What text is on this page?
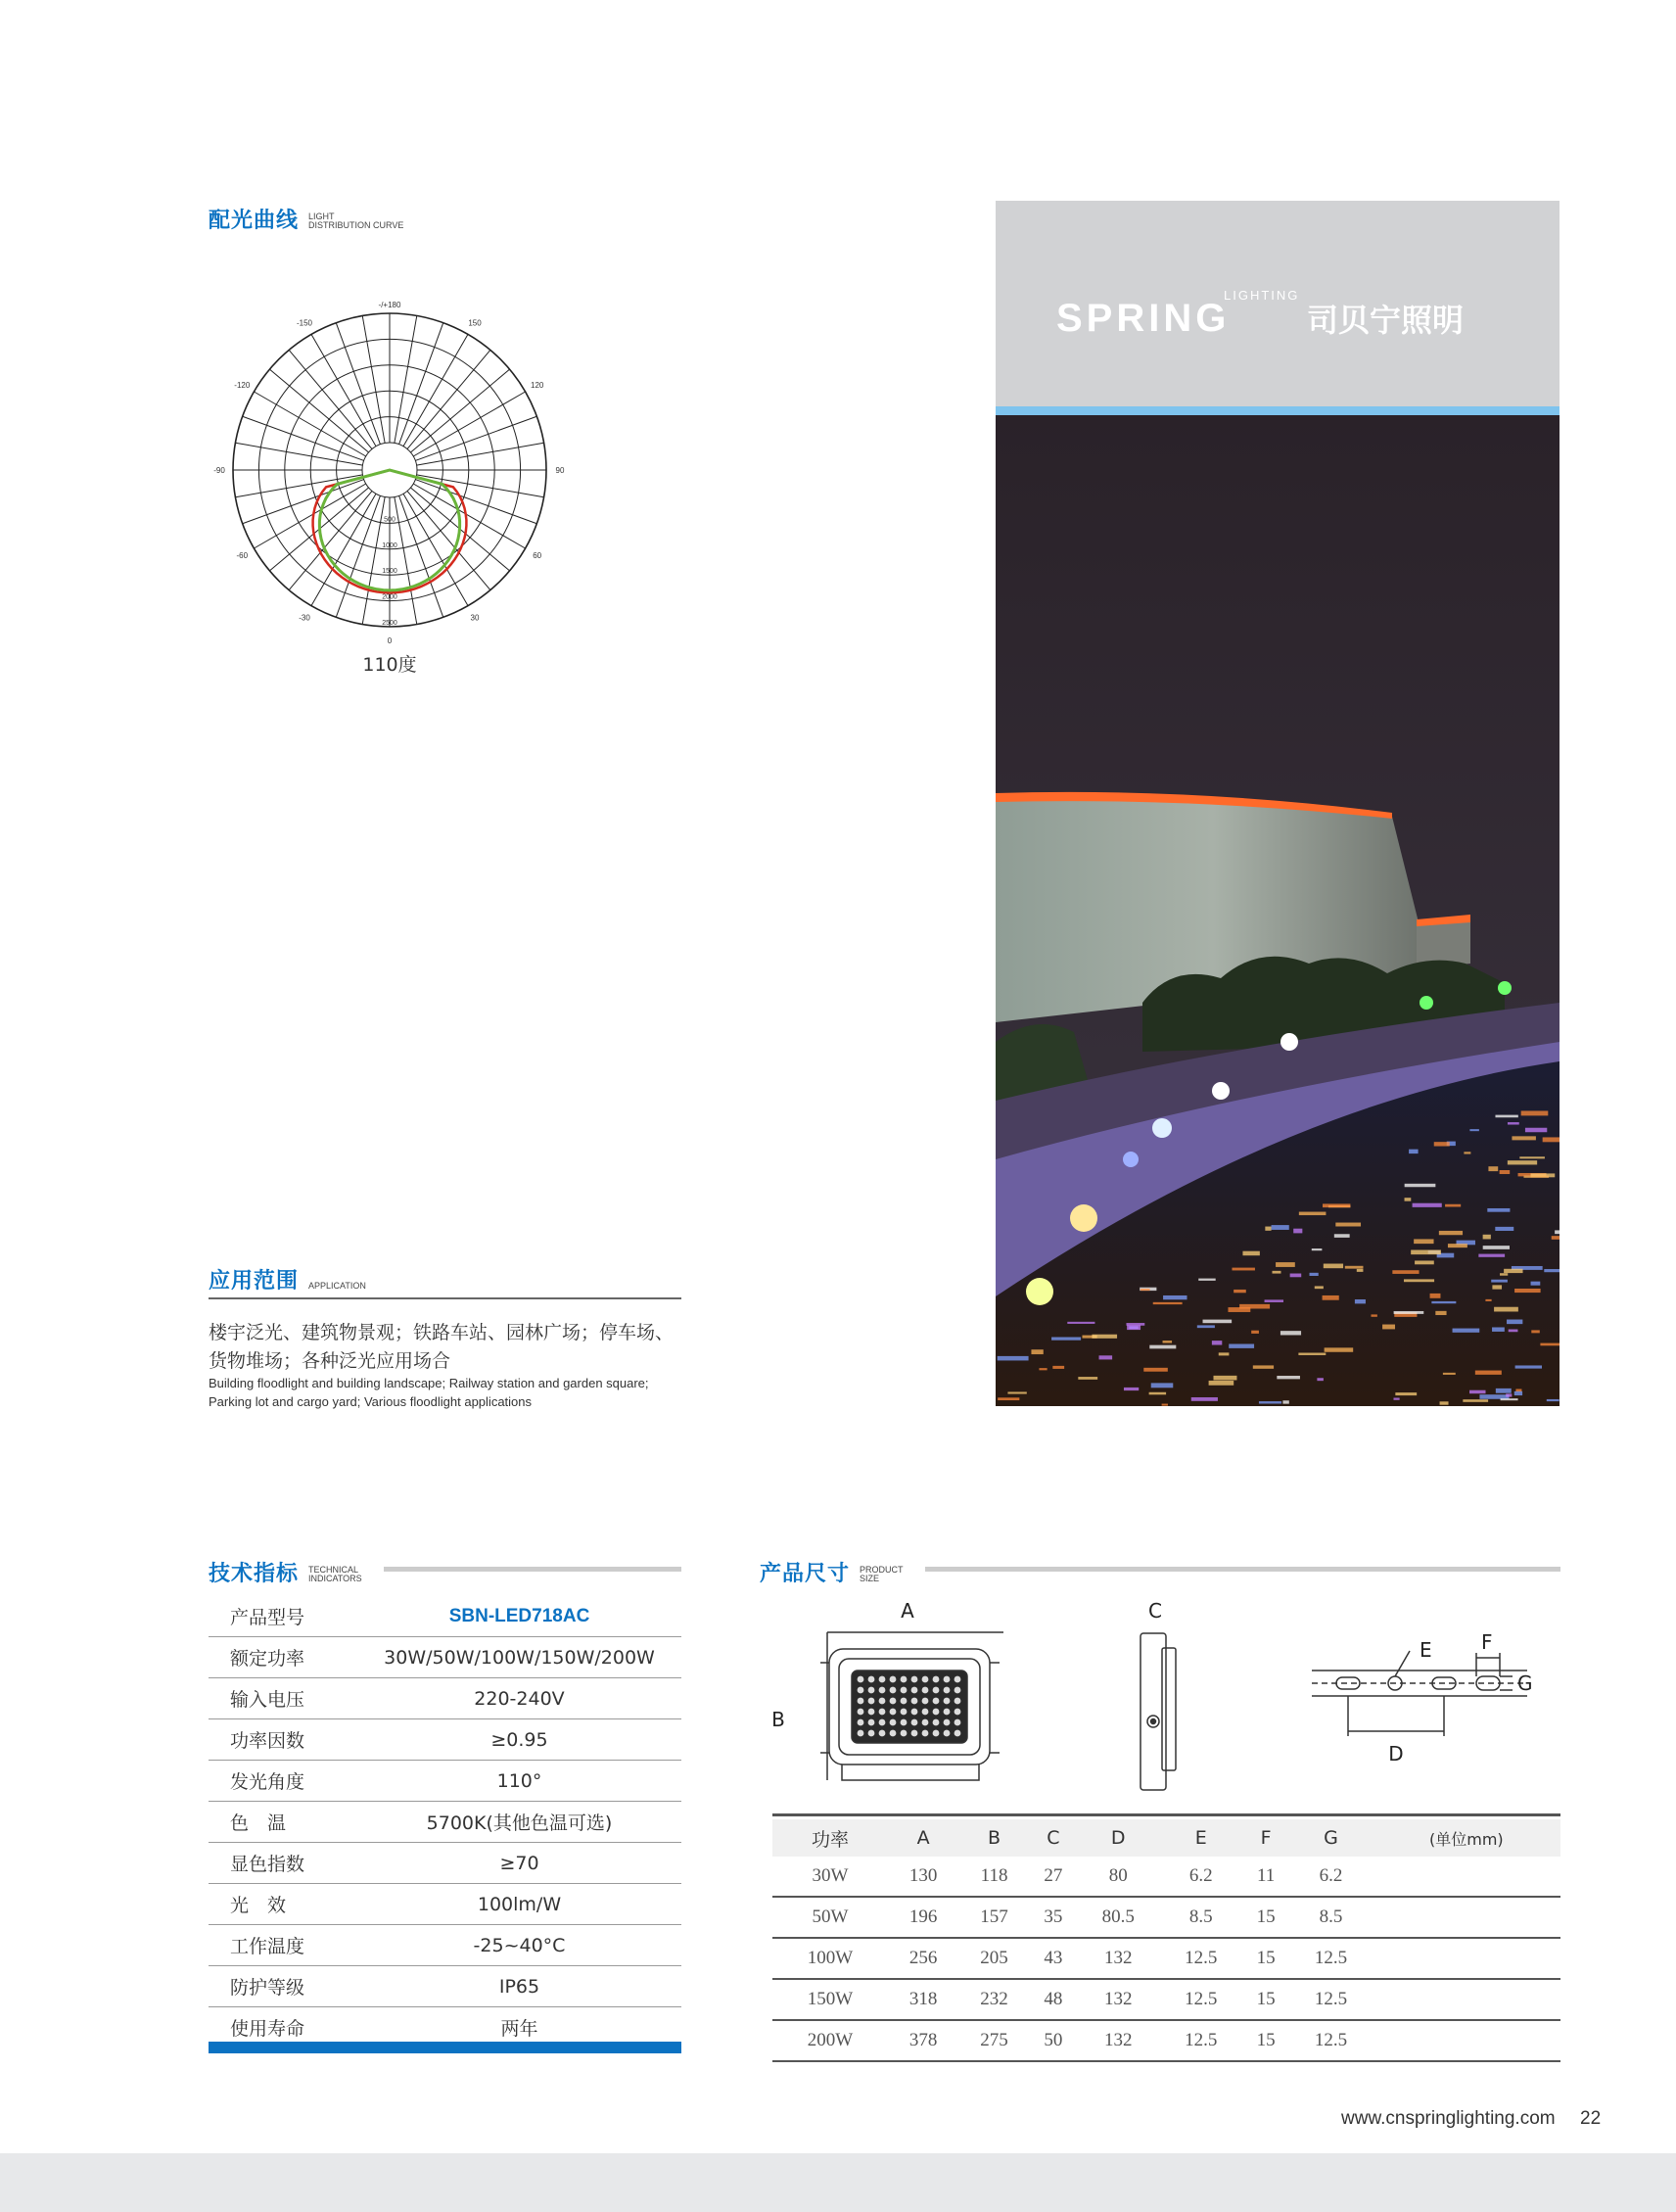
配光曲线 LIGHT
DISTRIBUTION CURVE
-150	150
-120	120
-90	90
-60	60
-30	30
0
-/+180
500
1000
1500
2000
2500
110度
应用范围 APPLICATION
楼宇泛光、建筑物景观；铁路车站、园林广场；停车场、
货物堆场；各种泛光应用场合
Building floodlight and building landscape; Railway station and garden square;
Parking lot and cargo yard; Various floodlight applications
LIGHTING
SPRING 司贝宁照明
技术指标 TECHNICAL
INDICATORS
产品型号	SBN-LED718AC
额定功率	30W/50W/100W/150W/200W
输入电压	220-240V
功率因数	≥0.95
发光角度	110°
色　温	5700K(其他色温可选)
显色指数	≥70
光　效	100lm/W
工作温度	-25~40°C
防护等级	IP65
使用寿命	两年
产品尺寸 PRODUCT
SIZE
A
B
C
E	F
G
D
功率	A	B	C	D	E	F	G	(单位mm)
30W	130	118	27	80	6.2	11	6.2	
50W	196	157	35	80.5	8.5	15	8.5	
100W	256	205	43	132	12.5	15	12.5	
150W	318	232	48	132	12.5	15	12.5	
200W	378	275	50	132	12.5	15	12.5	
www.cnspringlighting.com 22
